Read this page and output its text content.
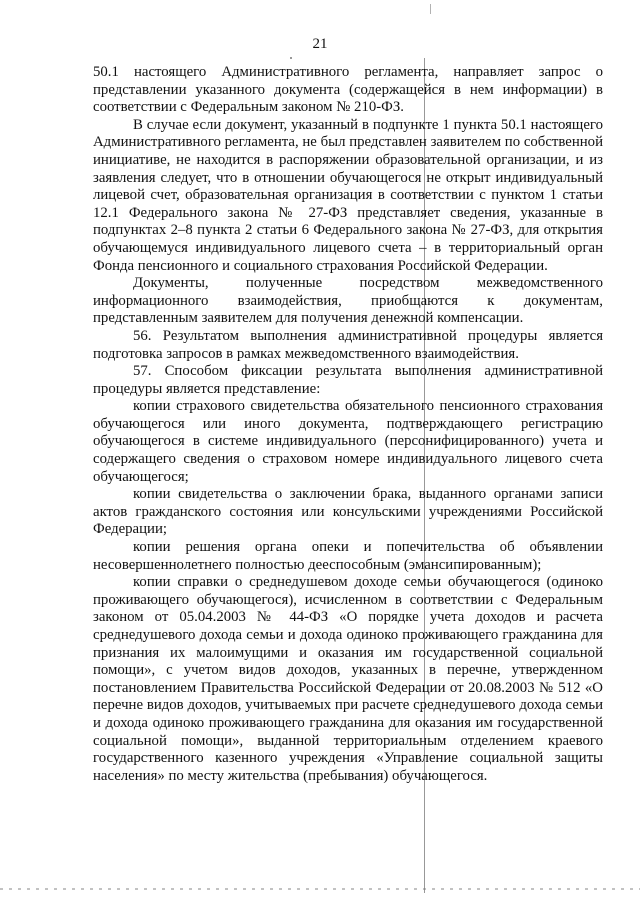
21

50.1 настоящего Административного регламента, направляет запрос о представлении указанного документа (содержащейся в нем информации) в соответствии с Федеральным законом № 210-ФЗ.

В случае если документ, указанный в подпункте 1 пункта 50.1 настоящего Административного регламента, не был представлен заявителем по собственной инициативе, не находится в распоряжении образовательной организации, и из заявления следует, что в отношении обучающегося не открыт индивидуальный лицевой счет, образовательная организация в соответствии с пунктом 1 статьи 12.1 Федерального закона № 27-ФЗ представляет сведения, указанные в подпунктах 2–8 пункта 2 статьи 6 Федерального закона № 27-ФЗ, для открытия обучающемуся индивидуального лицевого счета – в территориальный орган Фонда пенсионного и социального страхования Российской Федерации.

Документы, полученные посредством межведомственного информационного взаимодействия, приобщаются к документам, представленным заявителем для получения денежной компенсации.

56. Результатом выполнения административной процедуры является подготовка запросов в рамках межведомственного взаимодействия.

57. Способом фиксации результата выполнения административной процедуры является представление:

копии страхового свидетельства обязательного пенсионного страхования обучающегося или иного документа, подтверждающего регистрацию обучающегося в системе индивидуального (персонифицированного) учета и содержащего сведения о страховом номере индивидуального лицевого счета обучающегося;

копии свидетельства о заключении брака, выданного органами записи актов гражданского состояния или консульскими учреждениями Российской Федерации;

копии решения органа опеки и попечительства об объявлении несовершеннолетнего полностью дееспособным (эмансипированным);

копии справки о среднедушевом доходе семьи обучающегося (одиноко проживающего обучающегося), исчисленном в соответствии с Федеральным законом от 05.04.2003 № 44-ФЗ «О порядке учета доходов и расчета среднедушевого дохода семьи и дохода одиноко проживающего гражданина для признания их малоимущими и оказания им государственной социальной помощи», с учетом видов доходов, указанных в перечне, утвержденном постановлением Правительства Российской Федерации от 20.08.2003 № 512 «О перечне видов доходов, учитываемых при расчете среднедушевого дохода семьи и дохода одиноко проживающего гражданина для оказания им государственной социальной помощи», выданной территориальным отделением краевого государственного казенного учреждения «Управление социальной защиты населения» по месту жительства (пребывания) обучающегося.
